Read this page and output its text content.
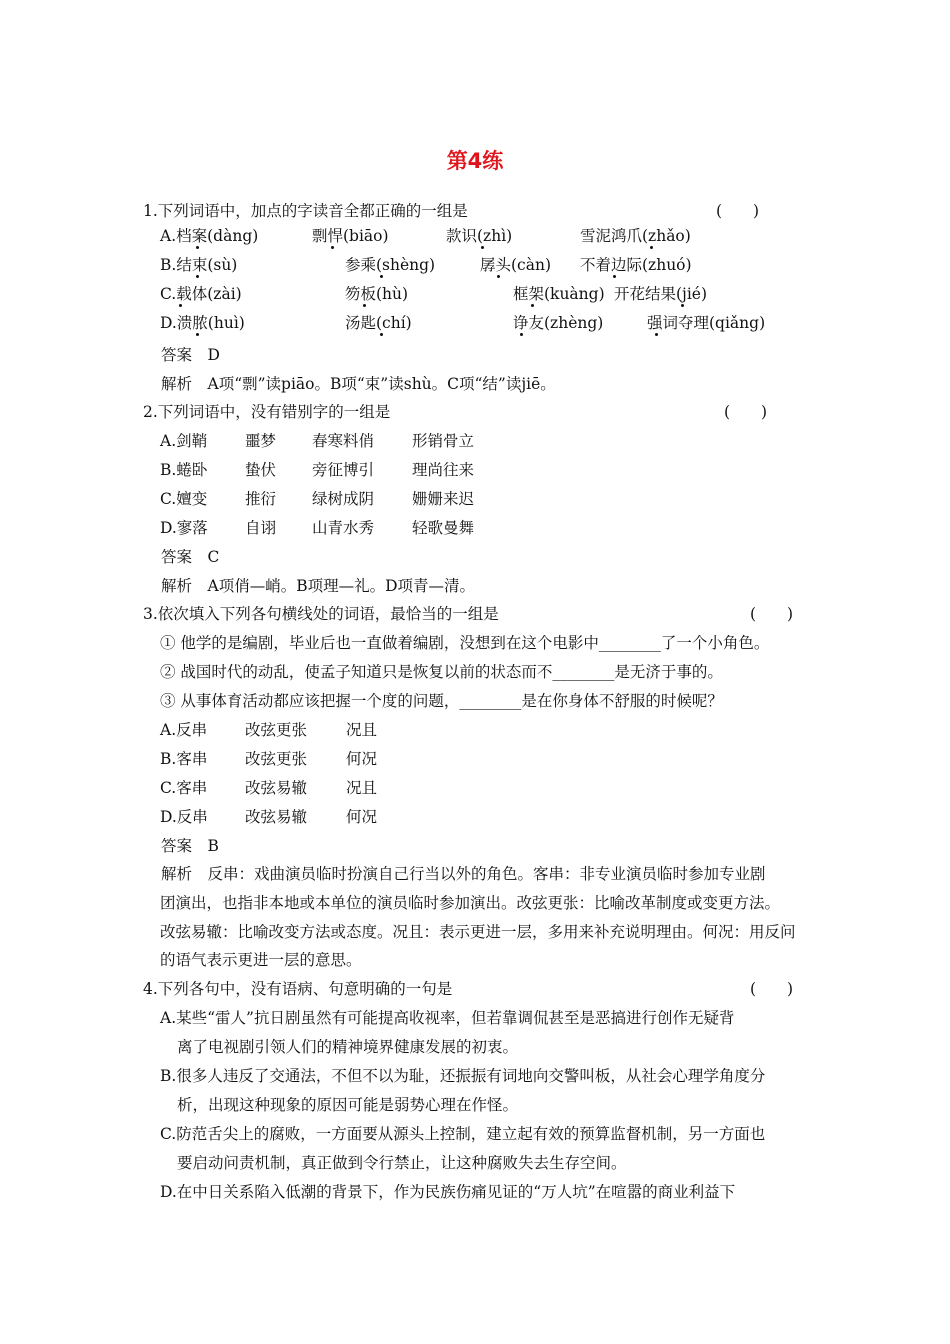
第4练
1.下列词语中，加点的字读音全都正确的一组是	(　　)
A.档案(dàng)	剽悍(biāo)	款识(zhì)	雪泥鸿爪(zhǎo)
B.结束(sù)	参乘(shèng)	孱头(càn) 不着边际(zhuó)
C.载体(zài)	笏板(hù)	框架(kuàng) 开花结果(jié)
D.溃脓(huì)	汤匙(chí)	诤友(zhèng)	强词夺理(qiǎng)
答案　D
解析　A项“剽”读piāo。B项“束”读shù。C项“结”读jiē。
2.下列词语中，没有错别字的一组是	(　　)
A.剑鞘 噩梦 春寒料俏 形销骨立
B.蜷卧 蛰伏 旁征博引 理尚往来
C.嬗变 推衍 绿树成阴 姗姗来迟
D.寥落 自诩 山青水秀 轻歌曼舞
答案　C
解析　A项俏—峭。B项理—礼。D项青—清。
3.依次填入下列各句横线处的词语，最恰当的一组是	(　　)
① 他学的是编剧，毕业后也一直做着编剧，没想到在这个电影中________了一个小角色。
② 战国时代的动乱，使孟子知道只是恢复以前的状态而不________是无济于事的。
③ 从事体育活动都应该把握一个度的问题，________是在你身体不舒服的时候呢？
A.反串 改弦更张	况且
B.客串 改弦更张	何况
C.客串 改弦易辙	况且
D.反串 改弦易辙	何况
答案　B
解析　反串：戏曲演员临时扮演自己行当以外的角色。客串：非专业演员临时参加专业剧
团演出，也指非本地或本单位的演员临时参加演出。改弦更张：比喻改革制度或变更方法。
改弦易辙：比喻改变方法或态度。况且：表示更进一层，多用来补充说明理由。何况：用反问
的语气表示更进一层的意思。
4.下列各句中，没有语病、句意明确的一句是	(　　)
A.某些“雷人”抗日剧虽然有可能提高收视率，但若靠调侃甚至是恶搞进行创作无疑背
离了电视剧引领人们的精神境界健康发展的初衷。
B.很多人违反了交通法，不但不以为耻，还振振有词地向交警叫板，从社会心理学角度分
析，出现这种现象的原因可能是弱势心理在作怪。
C.防范舌尖上的腐败，一方面要从源头上控制，建立起有效的预算监督机制，另一方面也
要启动问责机制，真正做到令行禁止，让这种腐败失去生存空间。
D.在中日关系陷入低潮的背景下，作为民族伤痛见证的“万人坑”在喧嚣的商业利益下
